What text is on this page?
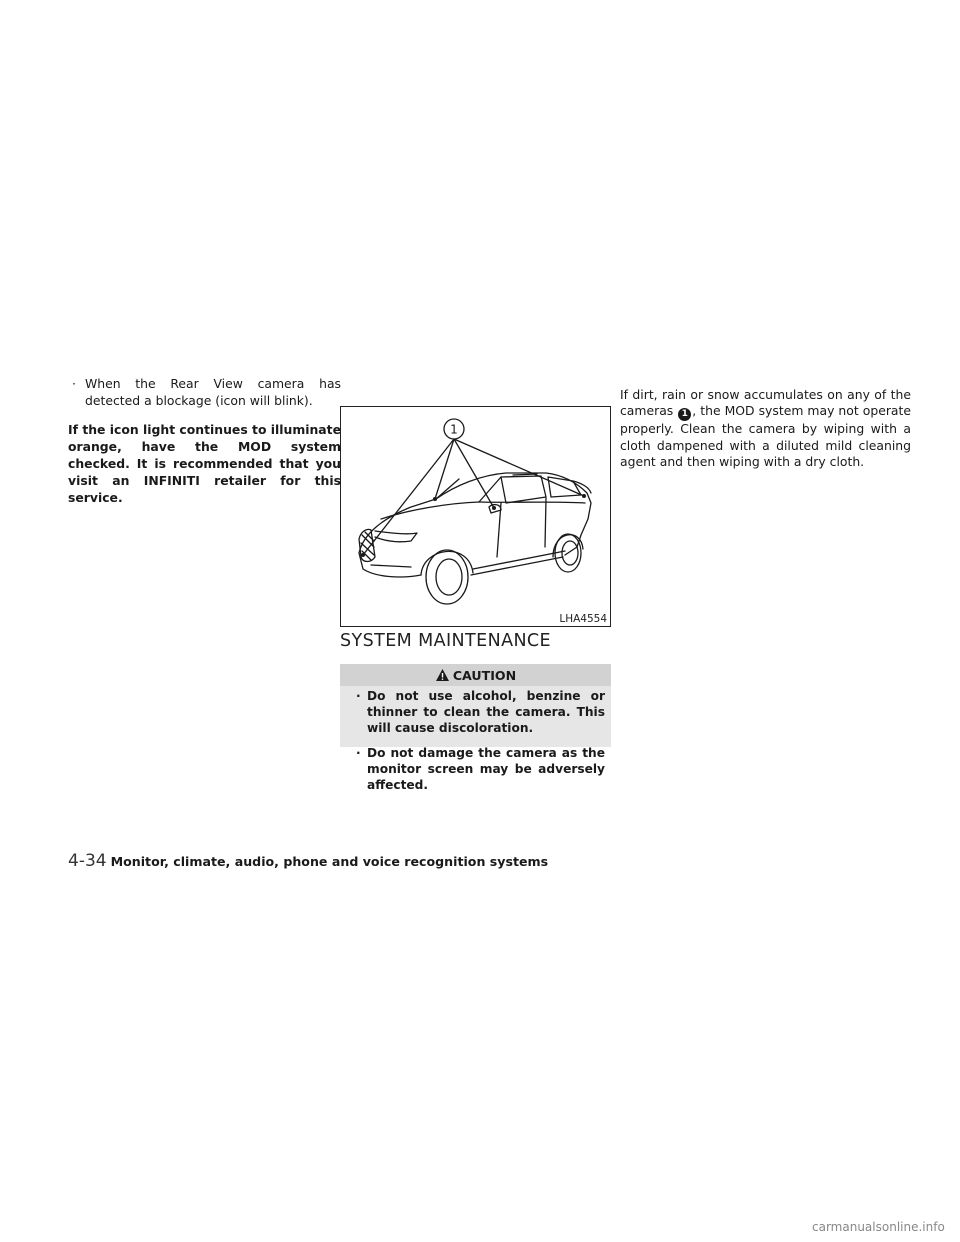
· When the Rear View camera has detected a blockage (icon will blink).
If the icon light continues to illuminate orange, have the MOD system checked. It is recommended that you visit an INFINITI retailer for this service.
1
LHA4554
SYSTEM MAINTENANCE
CAUTION
· Do not use alcohol, benzine or thinner to clean the camera. This will cause discoloration.
· Do not damage the camera as the monitor screen may be adversely affected.
If dirt, rain or snow accumulates on any of the cameras 1 , the MOD system may not operate properly. Clean the camera by wiping with a cloth dampened with a diluted mild cleaning agent and then wiping with a dry cloth.
4-34 Monitor, climate, audio, phone and voice recognition systems
carmanualsonline.info
